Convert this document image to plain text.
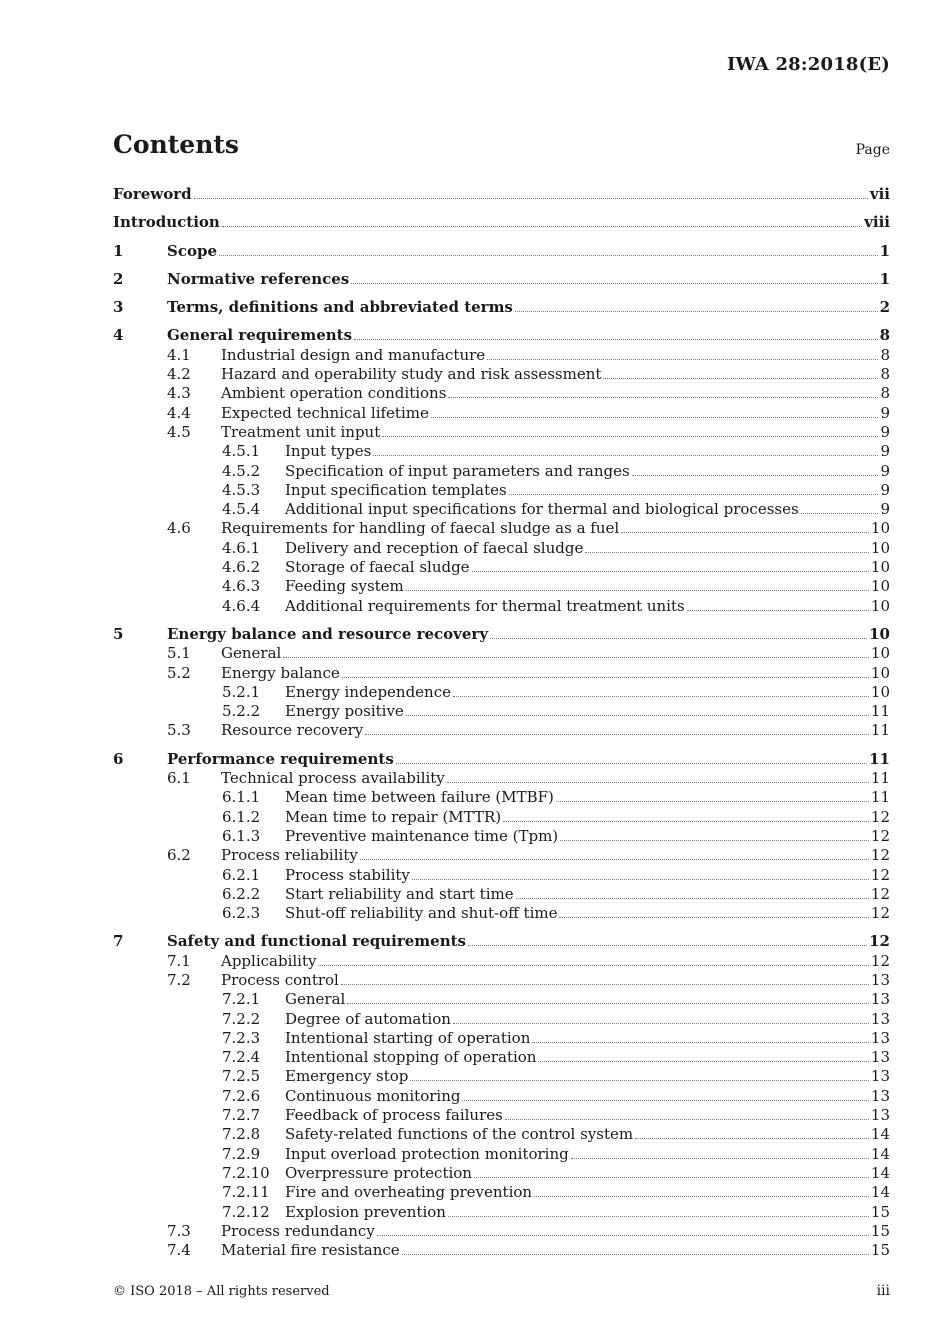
IWA 28:2018(E)
Contents	Page
Foreword	vii
Introduction	viii
1	Scope	1
2	Normative references	1
3	Terms, definitions and abbreviated terms	2
4	General requirements	8
4.1 Industrial design and manufacture	8
4.2 Hazard and operability study and risk assessment	8
4.3 Ambient operation conditions	8
4.4 Expected technical lifetime	9
4.5 Treatment unit input	9
4.5.1 Input types	9
4.5.2 Specification of input parameters and ranges	9
4.5.3 Input specification templates	9
4.5.4 Additional input specifications for thermal and biological processes	9
4.6 Requirements for handling of faecal sludge as a fuel	10
4.6.1 Delivery and reception of faecal sludge	10
4.6.2 Storage of faecal sludge	10
4.6.3 Feeding system	10
4.6.4 Additional requirements for thermal treatment units	10
5	Energy balance and resource recovery	10
5.1 General	10
5.2 Energy balance	10
5.2.1 Energy independence	10
5.2.2 Energy positive	11
5.3 Resource recovery	11
6	Performance requirements	11
6.1 Technical process availability	11
6.1.1 Mean time between failure (MTBF)	11
6.1.2 Mean time to repair (MTTR)	12
6.1.3 Preventive maintenance time (Tpm)	12
6.2 Process reliability	12
6.2.1 Process stability	12
6.2.2 Start reliability and start time	12
6.2.3 Shut-off reliability and shut-off time	12
7	Safety and functional requirements	12
7.1 Applicability	12
7.2 Process control	13
7.2.1 General	13
7.2.2 Degree of automation	13
7.2.3 Intentional starting of operation	13
7.2.4 Intentional stopping of operation	13
7.2.5 Emergency stop	13
7.2.6 Continuous monitoring	13
7.2.7 Feedback of process failures	13
7.2.8 Safety-related functions of the control system	14
7.2.9 Input overload protection monitoring	14
7.2.10 Overpressure protection	14
7.2.11 Fire and overheating prevention	14
7.2.12 Explosion prevention	15
7.3 Process redundancy	15
7.4 Material fire resistance	15
© ISO 2018 – All rights reserved	iii
